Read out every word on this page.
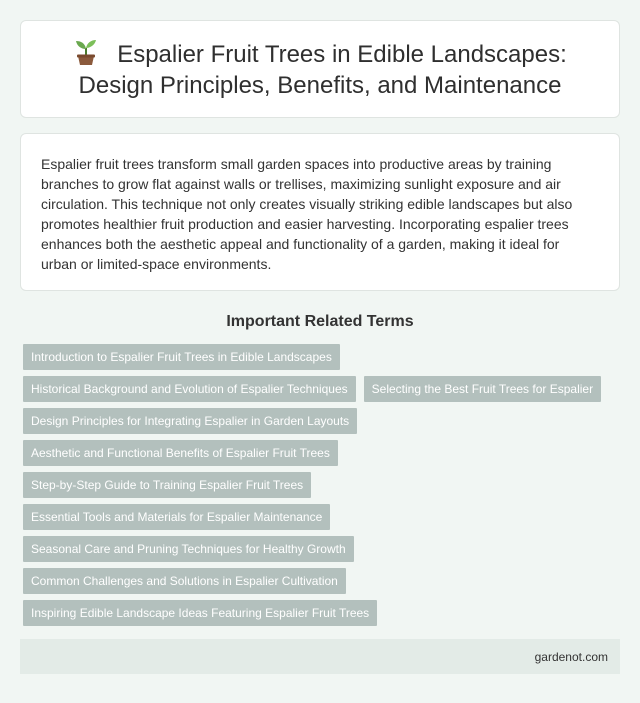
Espalier Fruit Trees in Edible Landscapes: Design Principles, Benefits, and Maintenance

Espalier fruit trees transform small garden spaces into productive areas by training branches to grow flat against walls or trellises, maximizing sunlight exposure and air circulation. This technique not only creates visually striking edible landscapes but also promotes healthier fruit production and easier harvesting. Incorporating espalier trees enhances both the aesthetic appeal and functionality of a garden, making it ideal for urban or limited-space environments.

Important Related Terms
Introduction to Espalier Fruit Trees in Edible Landscapes
Historical Background and Evolution of Espalier Techniques	Selecting the Best Fruit Trees for Espalier
Design Principles for Integrating Espalier in Garden Layouts
Aesthetic and Functional Benefits of Espalier Fruit Trees
Step-by-Step Guide to Training Espalier Fruit Trees
Essential Tools and Materials for Espalier Maintenance
Seasonal Care and Pruning Techniques for Healthy Growth
Common Challenges and Solutions in Espalier Cultivation
Inspiring Edible Landscape Ideas Featuring Espalier Fruit Trees
gardenot.com
